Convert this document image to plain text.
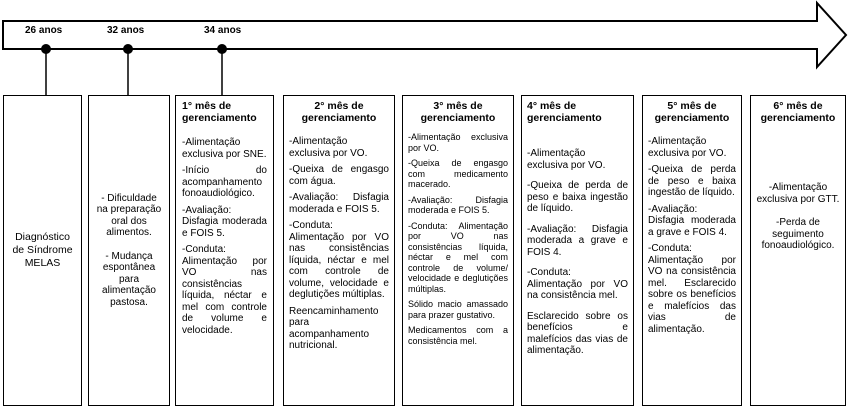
26 anos	32 anos	34 anos
Diagnóstico de Síndrome MELAS
- Dificuldade na preparação oral dos alimentos.
- Mudança espontânea para alimentação pastosa.
1° mês de gerenciamento

-Alimentação exclusiva por SNE.

-Início do acompanhamento fonoaudiológico.

-Avaliação: Disfagia moderada e FOIS 5.

-Conduta: Alimentação por VO nas consistências líquida, néctar e mel com controle de volume e velocidade.

2° mês de gerenciamento

-Alimentação exclusiva por VO.

-Queixa de engasgo com água.

-Avaliação: Disfagia moderada e FOIS 5.

-Conduta: Alimentação por VO nas consistências líquida, néctar e mel com controle de volume, velocidade e deglutições múltiplas.

Reencaminhamento para acompanhamento nutricional.

3° mês de gerenciamento

-Alimentação exclusiva por VO.

-Queixa de engasgo com medicamento macerado.

-Avaliação: Disfagia moderada e FOIS 5.

-Conduta: Alimentação por VO nas consistências líquida, néctar e mel com controle de volume/ velocidade e deglutições múltiplas.

Sólido macio amassado para prazer gustativo.

Medicamentos com a consistência mel.

4° mês de gerenciamento

-Alimentação exclusiva por VO.

-Queixa de perda de peso e baixa ingestão de líquido.

-Avaliação: Disfagia moderada a grave e FOIS 4.

-Conduta: Alimentação por VO na consistência mel.

Esclarecido sobre os benefícios e malefícios das vias de alimentação.

5° mês de gerenciamento

-Alimentação exclusiva por VO.

-Queixa de perda de peso e baixa ingestão de líquido.

-Avaliação: Disfagia moderada a grave e FOIS 4.

-Conduta: Alimentação por VO na consistência mel. Esclarecido sobre os benefícios e malefícios das vias de alimentação.

6° mês de gerenciamento

-Alimentação exclusiva por GTT.

-Perda de seguimento fonoaudiológico.
